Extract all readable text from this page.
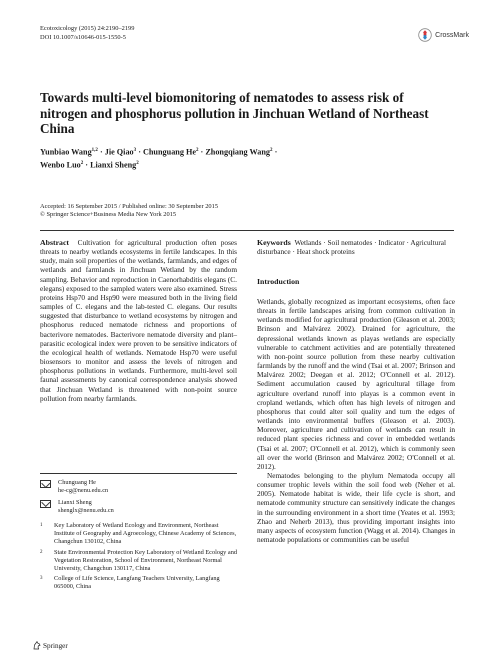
Ecotoxicology (2015) 24:2190–2199
DOI 10.1007/s10646-015-1550-5	CrossMark
Towards multi-level biomonitoring of nematodes to assess risk of nitrogen and phosphorus pollution in Jinchuan Wetland of Northeast China
Yunbiao Wang$^{1,2}$ · Jie Qiao$^3$ · Chunguang $He^2$ · Zhongqiang Wang$^2$ ·
Wenbo Luo$^2$ · Lianxi Sheng$^2$
Accepted: 16 September 2015 / Published online: 30 September 2015
© Springer Science+Business Media New York 2015

Abstract Cultivation for agricultural production often poses threats to nearby wetlands ecosystems in fertile landscapes. In this study, main soil properties of the wetlands, farmlands, and edges of wetlands and farmlands in Jinchuan Wetland by the random sampling. Behavior and reproduction in Caenorhabditis elegans (C. elegans) exposed to the sampled waters were also examined. Stress proteins Hsp70 and Hsp90 were measured both in the living field samples of C. elegans and the lab-tested C. elegans. Our results suggested that disturbance to wetland ecosystems by nitrogen and phosphorus reduced nematode richness and proportions of bacterivore nematodes. Bacterivore nematode diversity and plant–parasitic ecological index were proven to be sensitive indicators of the ecological health of wetlands. Nematode Hsp70 were useful biosensors to monitor and assess the levels of nitrogen and phosphorus pollutions in wetlands. Furthermore, multi-level soil faunal assessments by canonical correspondence analysis showed that Jinchuan Wetland is threatened with non-point source pollution from nearby farmlands.

Chunguang He
he-cg@nenu.edu.cn
Lianxi Sheng
shenglx@nenu.edu.cn
1	Key Laboratory of Wetland Ecology and Environment, Northeast Institute of Geography and Agroecology, Chinese Academy of Sciences, Changchun 130102, China
2	State Environmental Protection Key Laboratory of Wetland Ecology and Vegetation Restoration, School of Environment, Northeast Normal University, Changchun 130117, China
3	College of Life Science, Langfang Teachers University, Langfang 065000, China

Keywords Wetlands · Soil nematodes · Indicator · Agricultural disturbance · Heat shock proteins

Introduction

Wetlands, globally recognized as important ecosystems, often face threats in fertile landscapes arising from common cultivation in wetlands modified for agricultural production (Gleason et al. 2003; Brinson and Malvárez 2002). Drained for agriculture, the depressional wetlands known as playas wetlands are especially vulnerable to catchment activities and are potentially threatened with non-point source pollution from these nearby cultivation farmlands by the runoff and the wind (Tsai et al. 2007; Brinson and Malvárez 2002; Deegan et al. 2012; O'Connell et al. 2012). Sediment accumulation caused by agricultural tillage from agriculture overland runoff into playas is a common event in cropland wetlands, which often has high levels of nitrogen and phosphorus that could alter soil quality and turn the edges of wetlands into environmental buffers (Gleason et al. 2003). Moreover, agriculture and cultivation of wetlands can result in reduced plant species richness and cover in embedded wetlands (Tsai et al. 2007; O'Connell et al. 2012), which is commonly seen all over the world (Brinson and Malvárez 2002; O'Connell et al. 2012).

Nematodes belonging to the phylum Nematoda occupy all consumer trophic levels within the soil food web (Neher et al. 2005). Nematode habitat is wide, their life cycle is short, and nematode community structure can sensitively indicate the changes in the surrounding environment in a short time (Yeates et al. 1993; Zhao and Neherb 2013), thus providing important insights into many aspects of ecosystem function (Wagg et al. 2014). Changes in nematode populations or communities can be useful

Springer
